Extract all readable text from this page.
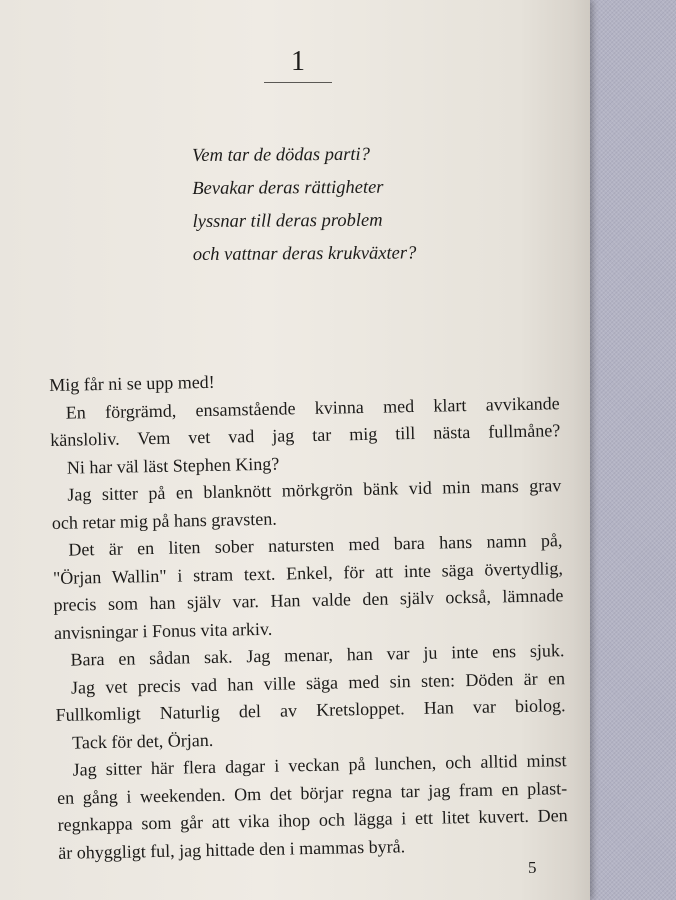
1
Vem tar de dödas parti?
Bevakar deras rättigheter
lyssnar till deras problem
och vattnar deras krukväxter?
Mig får ni se upp med!
En förgrämd, ensamstående kvinna med klart avvikande
känsloliv. Vem vet vad jag tar mig till nästa fullmåne?
Ni har väl läst Stephen King?
Jag sitter på en blanknött mörkgrön bänk vid min mans grav
och retar mig på hans gravsten.
Det är en liten sober natursten med bara hans namn på,
"Örjan Wallin" i stram text. Enkel, för att inte säga övertydlig,
precis som han själv var. Han valde den själv också, lämnade
anvisningar i Fonus vita arkiv.
Bara en sådan sak. Jag menar, han var ju inte ens sjuk.
Jag vet precis vad han ville säga med sin sten: Döden är en
Fullkomligt Naturlig del av Kretsloppet. Han var biolog.
Tack för det, Örjan.
Jag sitter här flera dagar i veckan på lunchen, och alltid minst
en gång i weekenden. Om det börjar regna tar jag fram en plast-
regnkappa som går att vika ihop och lägga i ett litet kuvert. Den
är ohyggligt ful, jag hittade den i mammas byrå.
5
